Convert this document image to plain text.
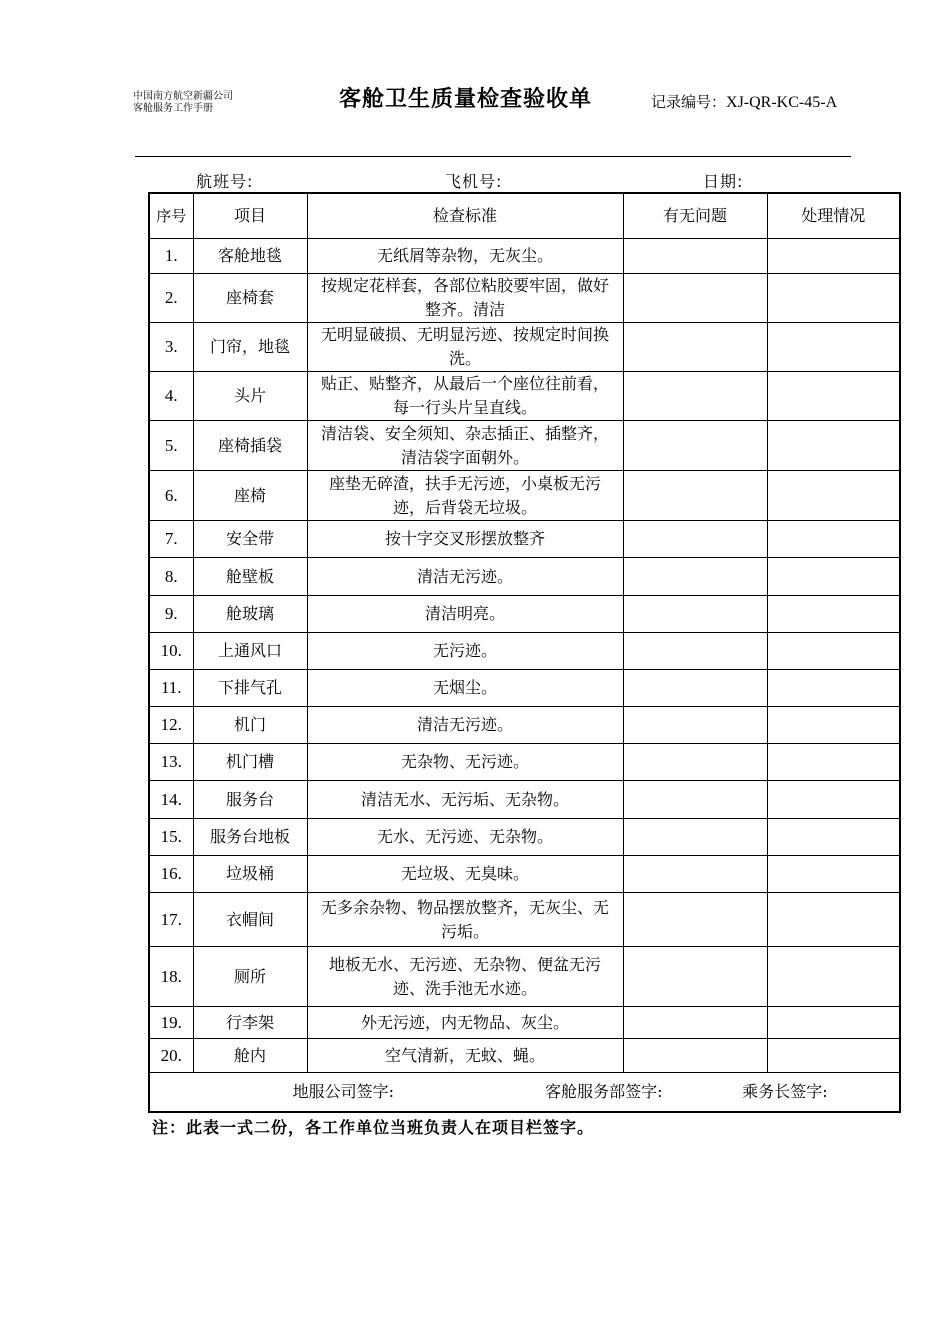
中国南方航空新疆公司
客舱服务工作手册	客舱卫生质量检查验收单	记录编号：XJ-QR-KC-45-A
航班号:	飞机号:	日期:
序号	项目	检查标准	有无问题	处理情况
1.	客舱地毯	无纸屑等杂物，无灰尘。		
2.	座椅套	按规定花样套，各部位粘胶要牢固，做好整齐。清洁		
3.	门帘，地毯	无明显破损、无明显污迹、按规定时间换洗。		
4.	头片	贴正、贴整齐，从最后一个座位往前看，每一行头片呈直线。		
5.	座椅插袋	清洁袋、安全须知、杂志插正、插整齐，清洁袋字面朝外。		
6.	座椅	座垫无碎渣，扶手无污迹，小桌板无污迹，后背袋无垃圾。		
7.	安全带	按十字交叉形摆放整齐		
8.	舱壁板	清洁无污迹。		
9.	舱玻璃	清洁明亮。		
10.	上通风口	无污迹。		
11.	下排气孔	无烟尘。		
12.	机门	清洁无污迹。		
13.	机门槽	无杂物、无污迹。		
14.	服务台	清洁无水、无污垢、无杂物。		
15.	服务台地板	无水、无污迹、无杂物。		
16.	垃圾桶	无垃圾、无臭味。		
17.	衣帽间	无多余杂物、物品摆放整齐，无灰尘、无污垢。		
18.	厕所	地板无水、无污迹、无杂物、便盆无污迹、洗手池无水迹。		
19.	行李架	外无污迹，内无物品、灰尘。		
20.	舱内	空气清新，无蚊、蝇。		
地服公司签字: 客舱服务部签字: 乘务长签字:				
注：此表一式二份，各工作单位当班负责人在项目栏签字。
